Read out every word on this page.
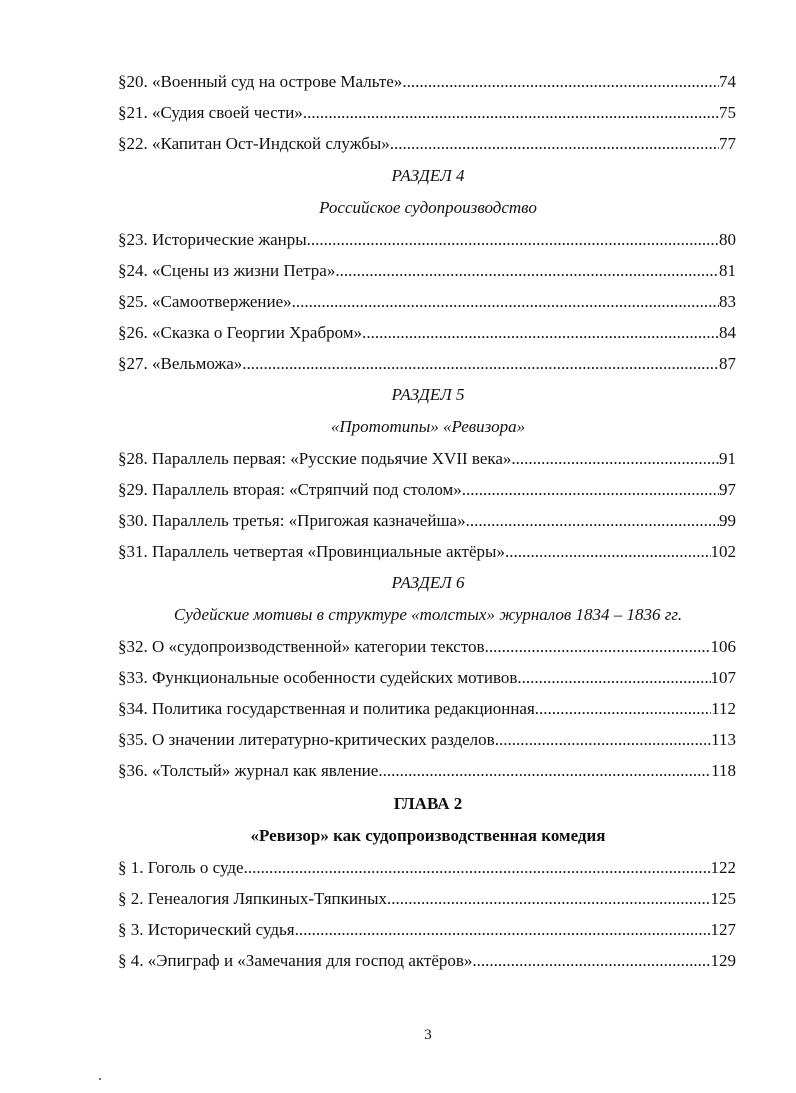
§20. «Военный суд на острове Мальте» .....	74
§21. «Судия своей чести» .....	75
§22. «Капитан Ост-Индской службы» .....	77
РАЗДЕЛ 4
Российское судопроизводство
§23. Исторические жанры .....	80
§24. «Сцены из жизни Петра» .....	81
§25. «Самоотвержение» .....	83
§26. «Сказка о Георгии Храбром» .....	84
§27. «Вельможа» .....	87
РАЗДЕЛ 5
«Прототипы» «Ревизора»
§28. Параллель первая: «Русские подьячие XVII века» .....	91
§29. Параллель вторая: «Стряпчий под столом» .....	97
§30. Параллель третья: «Пригожая казначейша» .....	99
§31. Параллель четвертая «Провинциальные актёры» .....	102
РАЗДЕЛ 6
Судейские мотивы в структуре «толстых» журналов 1834 – 1836 гг.
§32. О «судопроизводственной» категории текстов .....	106
§33. Функциональные особенности судейских мотивов .....	107
§34. Политика государственная и политика редакционная .....	112
§35. О значении литературно-критических разделов .....	113
§36. «Толстый» журнал как явление .....	118
ГЛАВА 2
«Ревизор» как судопроизводственная комедия
§ 1. Гоголь о суде .....	122
§ 2. Генеалогия Ляпкиных-Тяпкиных .....	125
§ 3. Исторический судья .....	127
§ 4. «Эпиграф и «Замечания для господ актёров» .....	129
3
